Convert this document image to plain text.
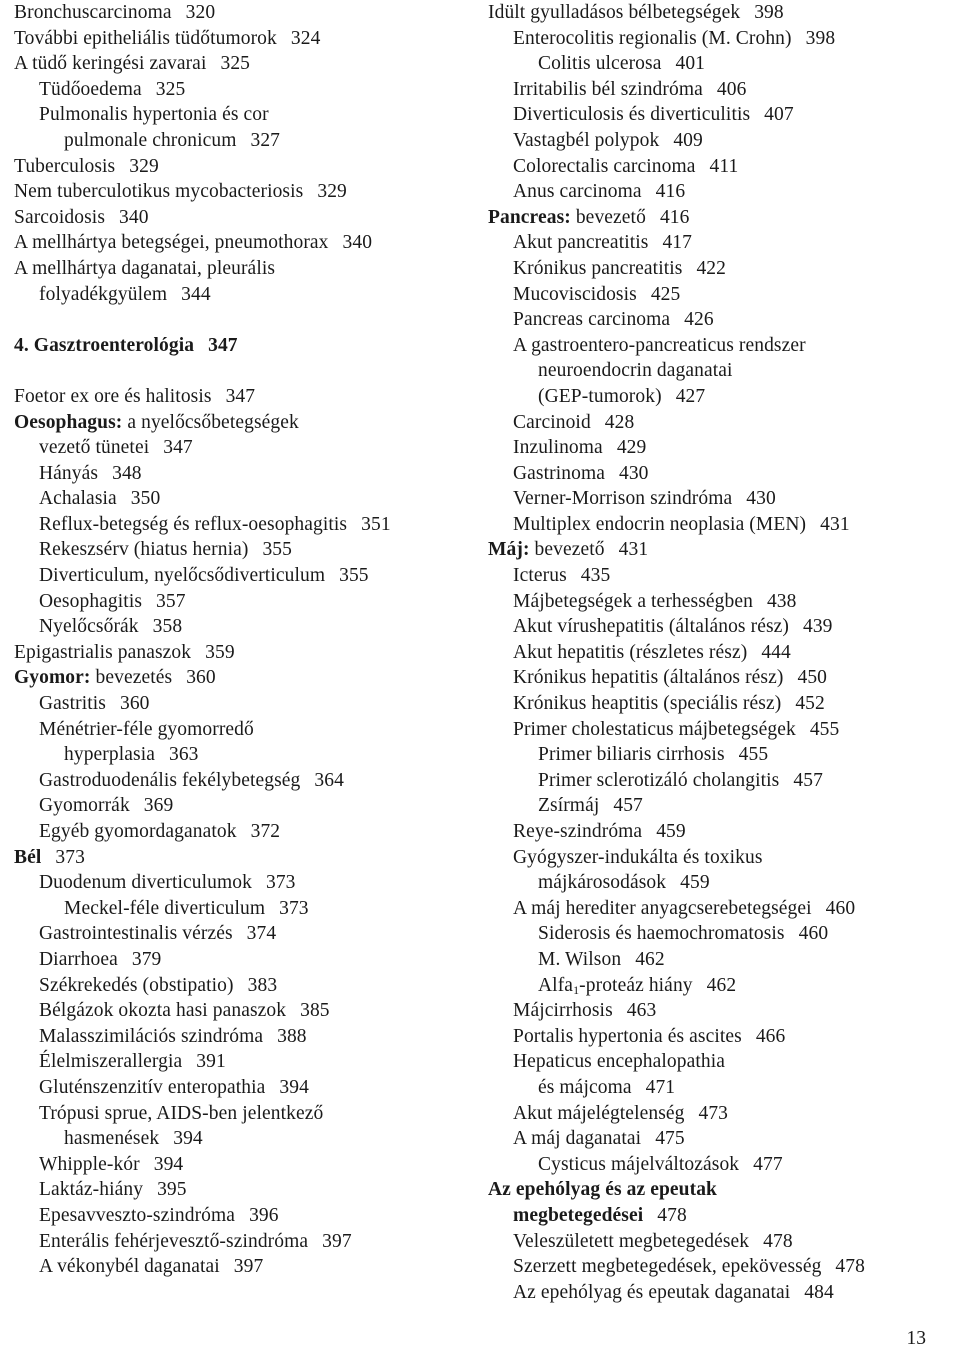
Bronchuscarcinoma 320
További epitheliális tüdőtumorok 324
A tüdő keringési zavarai 325
Tüdőoedema 325
Pulmonalis hypertonia és cor
pulmonale chronicum 327
Tuberculosis 329
Nem tuberculotikus mycobacteriosis 329
Sarcoidosis 340
A mellhártya betegségei, pneumothorax 340
A mellhártya daganatai, pleurális
folyadékgyülem 344
4. Gasztroenterológia 347
Foetor ex ore és halitosis 347
Oesophagus: a nyelőcsőbetegségek
vezető tünetei 347
Hányás 348
Achalasia 350
Reflux-betegség és reflux-oesophagitis 351
Rekeszsérv (hiatus hernia) 355
Diverticulum, nyelőcsődiverticulum 355
Oesophagitis 357
Nyelőcsőrák 358
Epigastrialis panaszok 359
Gyomor: bevezetés 360
Gastritis 360
Ménétrier-féle gyomorredő
hyperplasia 363
Gastroduodenális fekélybetegség 364
Gyomorrák 369
Egyéb gyomordaganatok 372
Bél 373
Duodenum diverticulumok 373
Meckel-féle diverticulum 373
Gastrointestinalis vérzés 374
Diarrhoea 379
Székrekedés (obstipatio) 383
Bélgázok okozta hasi panaszok 385
Malasszimilációs szindróma 388
Élelmiszerallergia 391
Gluténszenzitív enteropathia 394
Trópusi sprue, AIDS-ben jelentkező
hasmenések 394
Whipple-kór 394
Laktáz-hiány 395
Epesavveszto-szindróma 396
Enterális fehérjevesztő-szindróma 397
A vékonybél daganatai 397
Idült gyulladásos bélbetegségek 398
Enterocolitis regionalis (M. Crohn) 398
Colitis ulcerosa 401
Irritabilis bél szindróma 406
Diverticulosis és diverticulitis 407
Vastagbél polypok 409
Colorectalis carcinoma 411
Anus carcinoma 416
Pancreas: bevezető 416
Akut pancreatitis 417
Krónikus pancreatitis 422
Mucoviscidosis 425
Pancreas carcinoma 426
A gastroentero-pancreaticus rendszer
neuroendocrin daganatai
(GEP-tumorok) 427
Carcinoid 428
Inzulinoma 429
Gastrinoma 430
Verner-Morrison szindróma 430
Multiplex endocrin neoplasia (MEN) 431
Máj: bevezető 431
Icterus 435
Májbetegségek a terhességben 438
Akut vírushepatitis (általános rész) 439
Akut hepatitis (részletes rész) 444
Krónikus hepatitis (általános rész) 450
Krónikus heaptitis (speciális rész) 452
Primer cholestaticus májbetegségek 455
Primer biliaris cirrhosis 455
Primer sclerotizáló cholangitis 457
Zsírmáj 457
Reye-szindróma 459
Gyógyszer-indukálta és toxikus
májkárosodások 459
A máj herediter anyagcserebetegségei 460
Siderosis és haemochromatosis 460
M. Wilson 462
Alfa$_1$-proteáz hiány 462
Májcirrhosis 463
Portalis hypertonia és ascites 466
Hepaticus encephalopathia
és májcoma 471
Akut májelégtelenség 473
A máj daganatai 475
Cysticus májelváltozások 477
Az epehólyag és az epeutak
megbetegedései 478
Veleszületett megbetegedések 478
Szerzett megbetegedések, epekövesség 478
Az epehólyag és epeutak daganatai 484
13
